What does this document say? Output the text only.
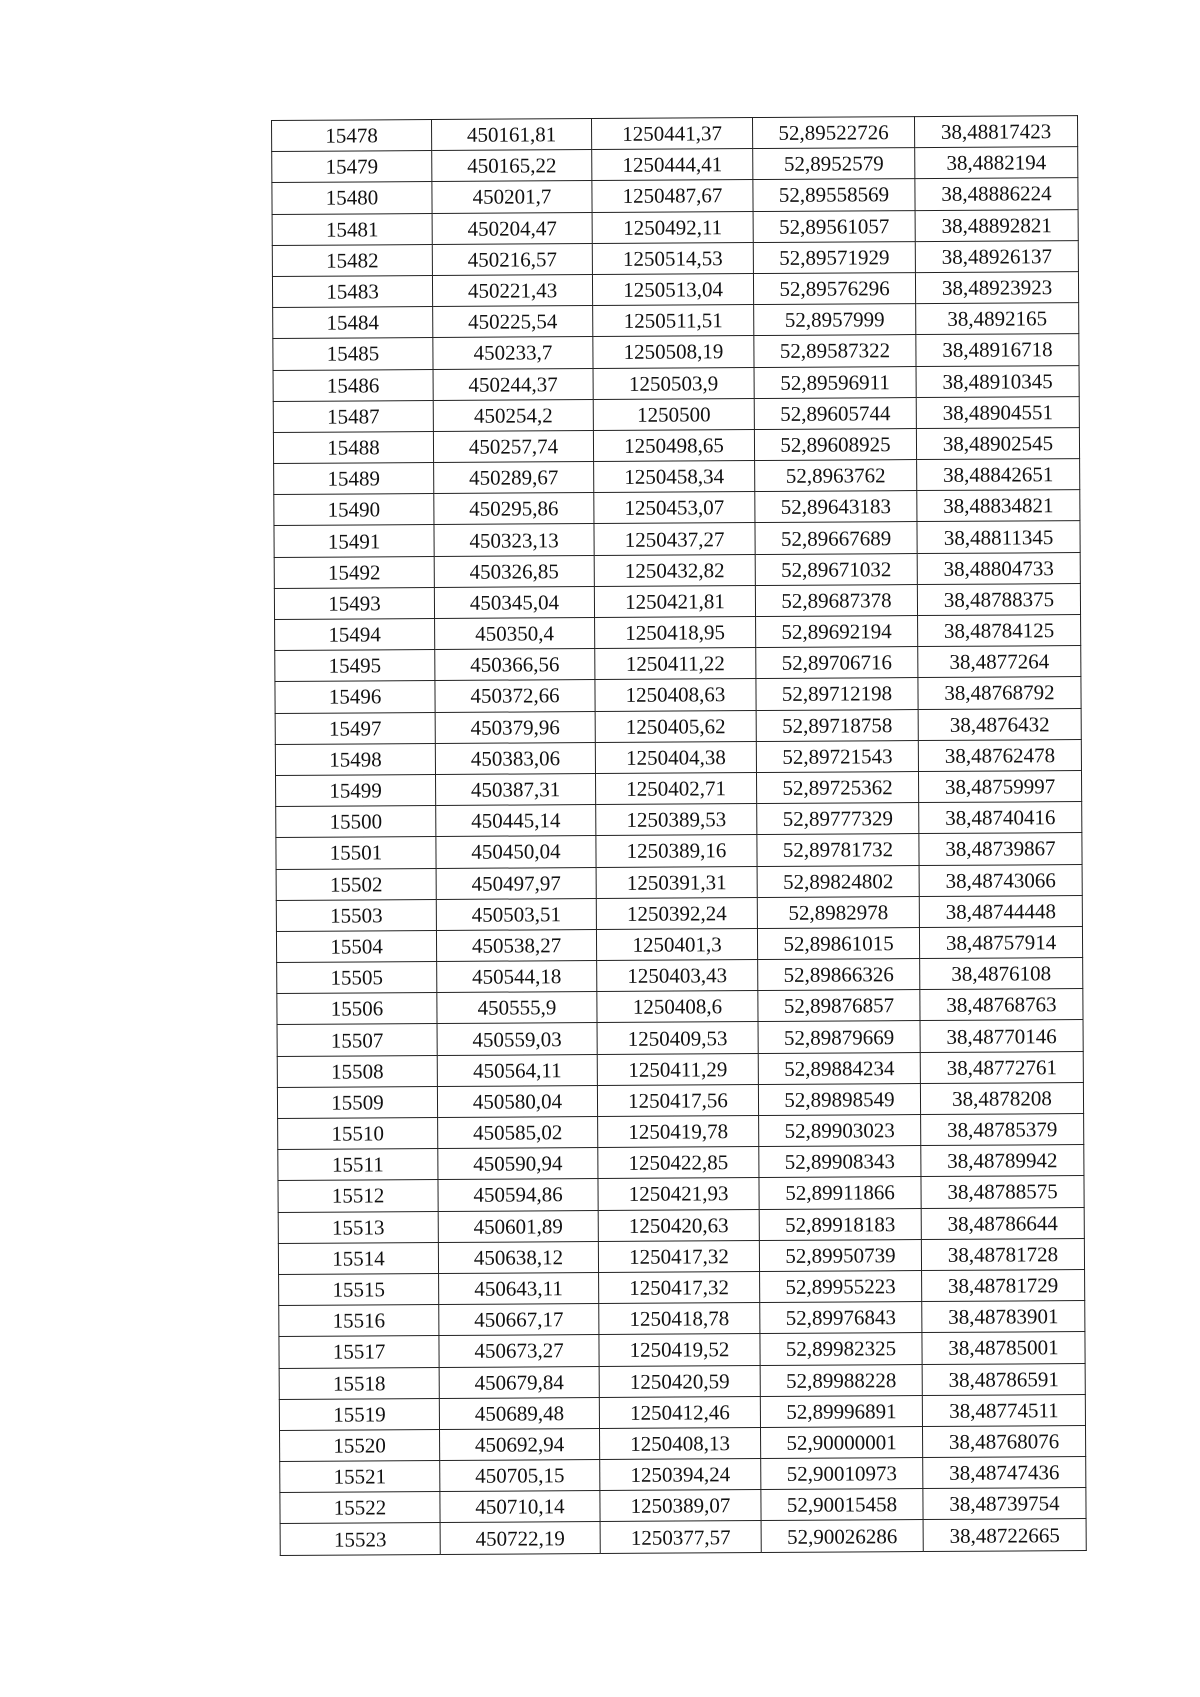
15478	450161,81	1250441,37	52,89522726	38,48817423
15479	450165,22	1250444,41	52,8952579	38,4882194
15480	450201,7	1250487,67	52,89558569	38,48886224
15481	450204,47	1250492,11	52,89561057	38,48892821
15482	450216,57	1250514,53	52,89571929	38,48926137
15483	450221,43	1250513,04	52,89576296	38,48923923
15484	450225,54	1250511,51	52,8957999	38,4892165
15485	450233,7	1250508,19	52,89587322	38,48916718
15486	450244,37	1250503,9	52,89596911	38,48910345
15487	450254,2	1250500	52,89605744	38,48904551
15488	450257,74	1250498,65	52,89608925	38,48902545
15489	450289,67	1250458,34	52,8963762	38,48842651
15490	450295,86	1250453,07	52,89643183	38,48834821
15491	450323,13	1250437,27	52,89667689	38,48811345
15492	450326,85	1250432,82	52,89671032	38,48804733
15493	450345,04	1250421,81	52,89687378	38,48788375
15494	450350,4	1250418,95	52,89692194	38,48784125
15495	450366,56	1250411,22	52,89706716	38,4877264
15496	450372,66	1250408,63	52,89712198	38,48768792
15497	450379,96	1250405,62	52,89718758	38,4876432
15498	450383,06	1250404,38	52,89721543	38,48762478
15499	450387,31	1250402,71	52,89725362	38,48759997
15500	450445,14	1250389,53	52,89777329	38,48740416
15501	450450,04	1250389,16	52,89781732	38,48739867
15502	450497,97	1250391,31	52,89824802	38,48743066
15503	450503,51	1250392,24	52,8982978	38,48744448
15504	450538,27	1250401,3	52,89861015	38,48757914
15505	450544,18	1250403,43	52,89866326	38,4876108
15506	450555,9	1250408,6	52,89876857	38,48768763
15507	450559,03	1250409,53	52,89879669	38,48770146
15508	450564,11	1250411,29	52,89884234	38,48772761
15509	450580,04	1250417,56	52,89898549	38,4878208
15510	450585,02	1250419,78	52,89903023	38,48785379
15511	450590,94	1250422,85	52,89908343	38,48789942
15512	450594,86	1250421,93	52,89911866	38,48788575
15513	450601,89	1250420,63	52,89918183	38,48786644
15514	450638,12	1250417,32	52,89950739	38,48781728
15515	450643,11	1250417,32	52,89955223	38,48781729
15516	450667,17	1250418,78	52,89976843	38,48783901
15517	450673,27	1250419,52	52,89982325	38,48785001
15518	450679,84	1250420,59	52,89988228	38,48786591
15519	450689,48	1250412,46	52,89996891	38,48774511
15520	450692,94	1250408,13	52,90000001	38,48768076
15521	450705,15	1250394,24	52,90010973	38,48747436
15522	450710,14	1250389,07	52,90015458	38,48739754
15523	450722,19	1250377,57	52,90026286	38,48722665
